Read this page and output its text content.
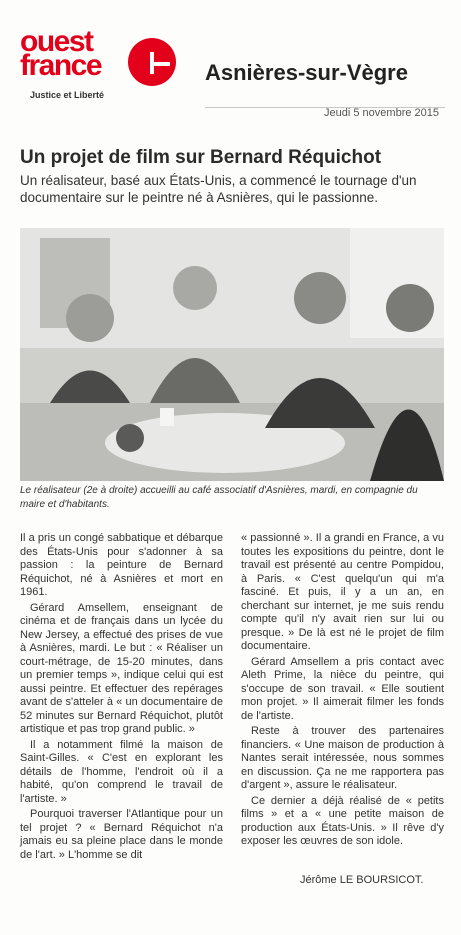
ouest
france
Justice et Liberté
Asnières-sur-Vègre
Jeudi 5 novembre 2015
Un projet de film sur Bernard Réquichot
Un réalisateur, basé aux États-Unis, a commencé le tournage d'un documentaire sur le peintre né à Asnières, qui le passionne.
Le réalisateur (2e à droite) accueilli au café associatif d'Asnières, mardi, en compagnie du maire et d'habitants.

Il a pris un congé sabbatique et débarque des États-Unis pour s'adonner à sa passion : la peinture de Bernard Réquichot, né à Asnières et mort en 1961.

Gérard Amsellem, enseignant de cinéma et de français dans un lycée du New Jersey, a effectué des prises de vue à Asnières, mardi. Le but : « Réaliser un court-métrage, de 15-20 minutes, dans un premier temps », indique celui qui est aussi peintre. Et effectuer des repérages avant de s'atteler à « un documentaire de 52 minutes sur Bernard Réquichot, plutôt artistique et pas trop grand public. »

Il a notamment filmé la maison de Saint-Gilles. « C'est en explorant les détails de l'homme, l'endroit où il a habité, qu'on comprend le travail de l'artiste. »

Pourquoi traverser l'Atlantique pour un tel projet ? « Bernard Réquichot n'a jamais eu sa pleine place dans le monde de l'art. » L'homme se dit

« passionné ». Il a grandi en France, a vu toutes les expositions du peintre, dont le travail est présenté au centre Pompidou, à Paris. « C'est quelqu'un qui m'a fasciné. Et puis, il y a un an, en cherchant sur internet, je me suis rendu compte qu'il n'y avait rien sur lui ou presque. » De là est né le projet de film documentaire.

Gérard Amsellem a pris contact avec Aleth Prime, la nièce du peintre, qui s'occupe de son travail. « Elle soutient mon projet. » Il aimerait filmer les fonds de l'artiste.

Reste à trouver des partenaires financiers. « Une maison de production à Nantes serait intéressée, nous sommes en discussion. Ça ne me rapportera pas d'argent », assure le réalisateur.

Ce dernier a déjà réalisé de « petits films » et a « une petite maison de production aux États-Unis. » Il rêve d'y exposer les œuvres de son idole.

Jérôme LE BOURSICOT.
